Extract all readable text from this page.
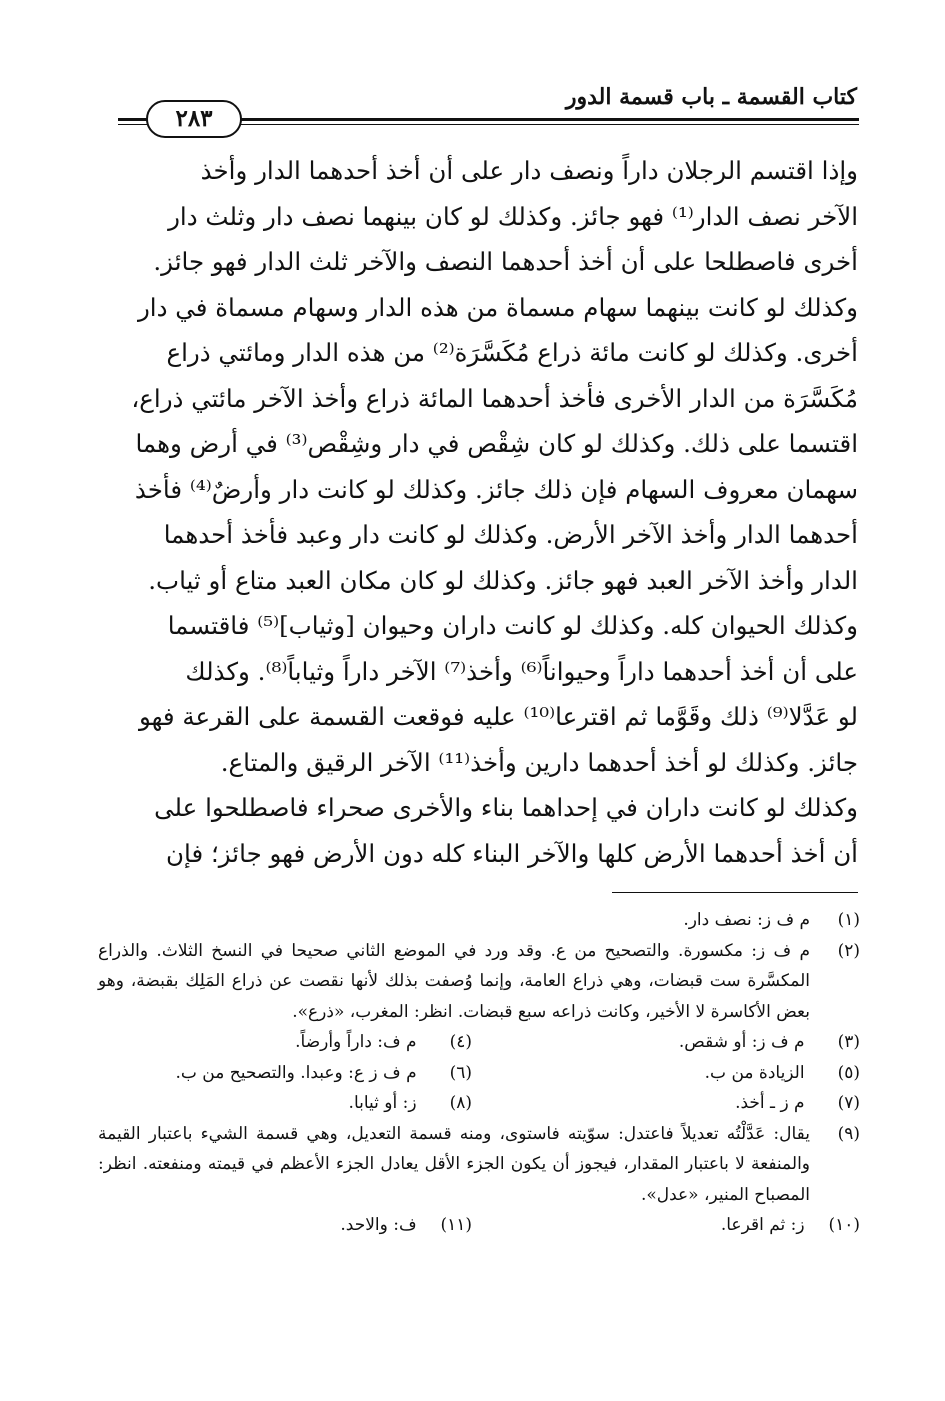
كتاب القسمة ـ باب قسمة الدور
٢٨٣
وإذا اقتسم الرجلان داراً ونصف دار على أن أخذ أحدهما الدار وأخذ
الآخر نصف الدار⁽¹⁾ فهو جائز. وكذلك لو كان بينهما نصف دار وثلث دار
أخرى فاصطلحا على أن أخذ أحدهما النصف والآخر ثلث الدار فهو جائز.
وكذلك لو كانت بينهما سهام مسماة من هذه الدار وسهام مسماة في دار
أخرى. وكذلك لو كانت مائة ذراع مُكَسَّرَة⁽²⁾ من هذه الدار ومائتي ذراع
مُكَسَّرَة من الدار الأخرى فأخذ أحدهما المائة ذراع وأخذ الآخر مائتي ذراع،
اقتسما على ذلك. وكذلك لو كان شِقْص في دار وشِقْص⁽³⁾ في أرض وهما
سهمان معروف السهام فإن ذلك جائز. وكذلك لو كانت دار وأرضٌ⁽⁴⁾ فأخذ
أحدهما الدار وأخذ الآخر الأرض. وكذلك لو كانت دار وعبد فأخذ أحدهما
الدار وأخذ الآخر العبد فهو جائز. وكذلك لو كان مكان العبد متاع أو ثياب.
وكذلك الحيوان كله. وكذلك لو كانت داران وحيوان [وثياب]⁽⁵⁾ فاقتسما
على أن أخذ أحدهما داراً وحيواناً⁽⁶⁾ وأخذ⁽⁷⁾ الآخر داراً وثياباً⁽⁸⁾. وكذلك
لو عَدَّلا⁽⁹⁾ ذلك وقَوَّما ثم اقترعا⁽¹⁰⁾ عليه فوقعت القسمة على القرعة فهو
جائز. وكذلك لو أخذ أحدهما دارين وأخذ⁽¹¹⁾ الآخر الرقيق والمتاع.
وكذلك لو كانت داران في إحداهما بناء والأخرى صحراء فاصطلحوا على
أن أخذ أحدهما الأرض كلها والآخر البناء كله دون الأرض فهو جائز؛ فإن
(١)
م ف ز: نصف دار.
(٢)
م ف ز: مكسورة. والتصحيح من ع. وقد ورد في الموضع الثاني صحيحا في النسخ الثلاث. والذراع المكسَّرة ست قبضات، وهي ذراع العامة، وإنما وُصفت بذلك لأنها نقصت عن ذراع المَلِك بقبضة، وهو بعض الأكاسرة لا الأخير، وكانت ذراعه سبع قبضات. انظر: المغرب، «ذرع».
(٣) م ف ز: أو شقص.
(٤) م ف: داراً وأرضاً.
(٥) الزيادة من ب.
(٦) م ف ز ع: وعبدا. والتصحيح من ب.
(٧) م ز ـ أخذ.
(٨) ز: أو ثيابا.
(٩)
يقال: عَدَّلْتُه تعديلاً فاعتدل: سوّيته فاستوى، ومنه قسمة التعديل، وهي قسمة الشيء باعتبار القيمة والمنفعة لا باعتبار المقدار، فيجوز أن يكون الجزء الأقل يعادل الجزء الأعظم في قيمته ومنفعته. انظر: المصباح المنير، «عدل».
(١٠) ز: ثم اقرعا.
(١١) ف: والاحد.
